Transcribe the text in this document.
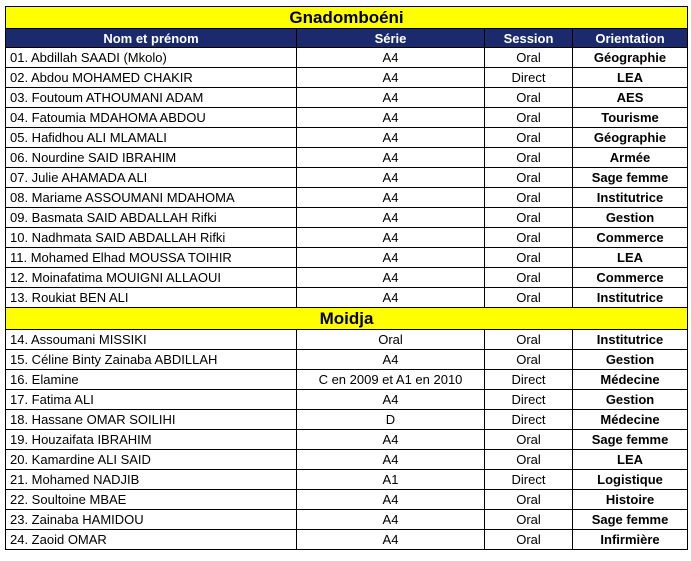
Gnadomboéni			
Nom et prénom	Série	Session	Orientation
01. Abdillah SAADI (Mkolo)	A4	Oral	Géographie
02. Abdou MOHAMED CHAKIR	A4	Direct	LEA
03. Foutoum ATHOUMANI ADAM	A4	Oral	AES
04. Fatoumia MDAHOMA ABDOU	A4	Oral	Tourisme
05. Hafidhou ALI MLAMALI	A4	Oral	Géographie
06. Nourdine SAID IBRAHIM	A4	Oral	Armée
07. Julie AHAMADA ALI	A4	Oral	Sage femme
08. Mariame ASSOUMANI MDAHOMA	A4	Oral	Institutrice
09. Basmata SAID ABDALLAH Rifki	A4	Oral	Gestion
10. Nadhmata SAID ABDALLAH Rifki	A4	Oral	Commerce
11. Mohamed Elhad MOUSSA TOIHIR	A4	Oral	LEA
12. Moinafatima MOUIGNI ALLAOUI	A4	Oral	Commerce
13. Roukiat BEN ALI	A4	Oral	Institutrice
Moidja			
14. Assoumani MISSIKI	Oral	Oral	Institutrice
15. Céline Binty Zainaba ABDILLAH	A4	Oral	Gestion
16. Elamine	C en 2009 et A1 en 2010	Direct	Médecine
17. Fatima ALI	A4	Direct	Gestion
18. Hassane OMAR SOILIHI	D	Direct	Médecine
19. Houzaifata IBRAHIM	A4	Oral	Sage femme
20. Kamardine ALI SAID	A4	Oral	LEA
21. Mohamed NADJIB	A1	Direct	Logistique
22. Soultoine MBAE	A4	Oral	Histoire
23. Zainaba HAMIDOU	A4	Oral	Sage femme
24. Zaoid OMAR	A4	Oral	Infirmière
